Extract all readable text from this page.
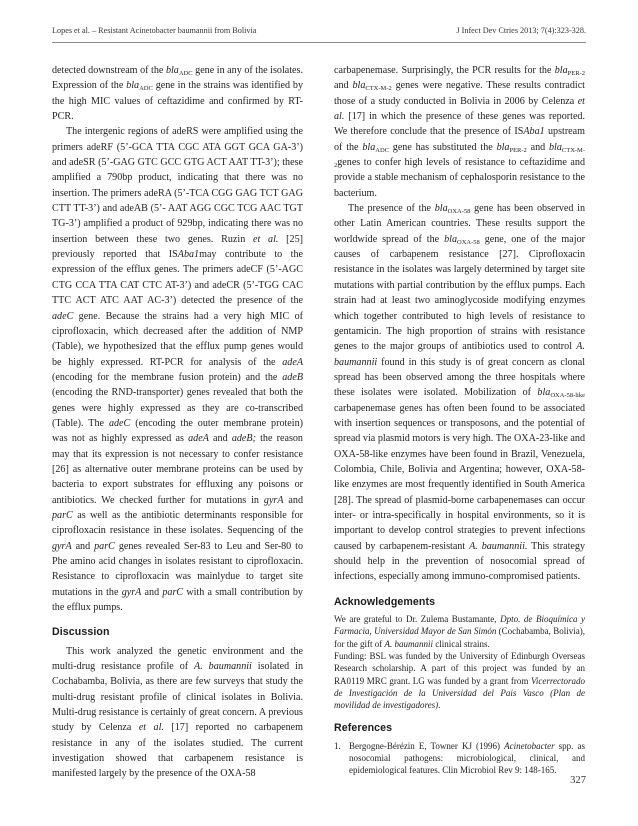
Lopes et al. – Resistant Acinetobacter baumannii from Bolivia	J Infect Dev Ctries 2013; 7(4):323-328.

detected downstream of the bla$_{ADC}$ gene in any of the isolates. Expression of the bla$_{ADC}$ gene in the strains was identified by the high MIC values of ceftazidime and confirmed by RT-PCR.

The intergenic regions of adeRS were amplified using the primers adeRF (5’-GCA TTA CGC ATA GGT GCA GA-3’) and adeSR (5’-GAG GTC GCC GTG ACT AAT TT-3’); these amplified a 790bp product, indicating that there was no insertion. The primers adeRA (5’-TCA CGG GAG TCT GAG CTT TT-3’) and adeAB (5’- AAT AGG CGC TCG AAC TGT TG-3’) amplified a product of 929bp, indicating there was no insertion between these two genes. Ruzin et al. [25] previously reported that ISAba1may contribute to the expression of the efflux genes. The primers adeCF (5’-AGC CTG CCA TTA CAT CTC AT-3’) and adeCR (5’-TGG CAC TTC ACT ATC AAT AC-3’) detected the presence of the adeC gene. Because the strains had a very high MIC of ciprofloxacin, which decreased after the addition of NMP (Table), we hypothesized that the efflux pump genes would be highly expressed. RT-PCR for analysis of the adeA (encoding for the membrane fusion protein) and the adeB (encoding the RND-transporter) genes revealed that both the genes were highly expressed as they are co-transcribed (Table). The adeC (encoding the outer membrane protein) was not as highly expressed as adeA and adeB; the reason may that its expression is not necessary to confer resistance [26] as alternative outer membrane proteins can be used by bacteria to export substrates for effluxing any poisons or antibiotics. We checked further for mutations in gyrA and parC as well as the antibiotic determinants responsible for ciprofloxacin resistance in these isolates. Sequencing of the gyrA and parC genes revealed Ser-83 to Leu and Ser-80 to Phe amino acid changes in isolates resistant to ciprofloxacin. Resistance to ciprofloxacin was mainlydue to target site mutations in the gyrA and parC with a small contribution by the efflux pumps.

Discussion

This work analyzed the genetic environment and the multi-drug resistance profile of A. baumannii isolated in Cochabamba, Bolivia, as there are few surveys that study the multi-drug resistant profile of clinical isolates in Bolivia. Multi-drug resistance is certainly of great concern. A previous study by Celenza et al. [17] reported no carbapenem resistance in any of the isolates studied. The current investigation showed that carbapenem resistance is manifested largely by the presence of the OXA-58

carbapenemase. Surprisingly, the PCR results for the bla$_{PER-2}$ and bla$_{CTX-M-2}$ genes were negative. These results contradict those of a study conducted in Bolivia in 2006 by Celenza et al. [17] in which the presence of these genes was reported. We therefore conclude that the presence of ISAba1 upstream of the bla$_{ADC}$ gene has substituted the bla$_{PER-2}$ and bla$_{CTX-M-2}$genes to confer high levels of resistance to ceftazidime and provide a stable mechanism of cephalosporin resistance to the bacterium.

The presence of the bla$_{OXA-58}$ gene has been observed in other Latin American countries. These results support the worldwide spread of the bla$_{OXA-58}$ gene, one of the major causes of carbapenem resistance [27]. Ciprofloxacin resistance in the isolates was largely determined by target site mutations with partial contribution by the efflux pumps. Each strain had at least two aminoglycoside modifying enzymes which together contributed to high levels of resistance to gentamicin. The high proportion of strains with resistance genes to the major groups of antibiotics used to control A. baumannii found in this study is of great concern as clonal spread has been observed among the three hospitals where these isolates were isolated. Mobilization of bla$_{OXA-58-like}$ carbapenemase genes has often been found to be associated with insertion sequences or transposons, and the potential of spread via plasmid motors is very high. The OXA-23-like and OXA-58-like enzymes have been found in Brazil, Venezuela, Colombia, Chile, Bolivia and Argentina; however, OXA-58-like enzymes are most frequently identified in South America [28]. The spread of plasmid-borne carbapenemases can occur inter- or intra-specifically in hospital environments, so it is important to develop control strategies to prevent infections caused by carbapenem-resistant A. baumannii. This strategy should help in the prevention of nosocomial spread of infections, especially among immuno-compromised patients.

Acknowledgements

We are grateful to Dr. Zulema Bustamante, Dpto. de Bioquímica y Farmacia, Universidad Mayor de San Simón (Cochabamba, Bolivia), for the gift of A. baumannii clinical strains.

Funding: BSL was funded by the University of Edinburgh Overseas Research scholarship. A part of this project was funded by an RA0119 MRC grant. LG was funded by a grant from Vicerrectorado de Investigación de la Universidad del Pais Vasco (Plan de movilidad de investigadores).

References
1. Bergogne-Bérézin E, Towner KJ (1996) Acinetobacter spp. as nosocomial pathogens: microbiological, clinical, and epidemiological features. Clin Microbiol Rev 9: 148-165.
327
